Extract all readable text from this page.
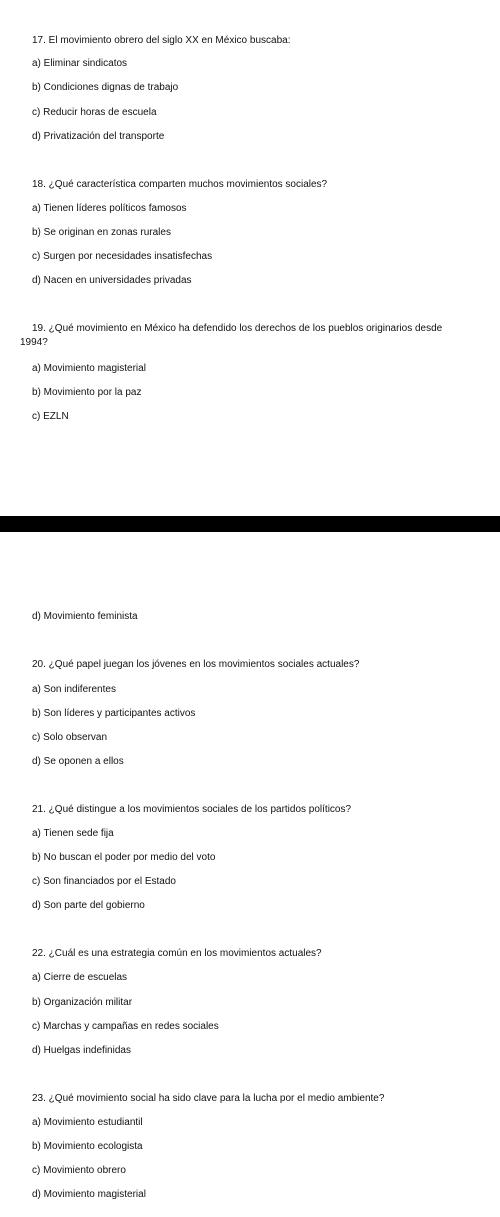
17. El movimiento obrero del siglo XX en México buscaba:
a) Eliminar sindicatos
b) Condiciones dignas de trabajo
c) Reducir horas de escuela
d) Privatización del transporte
18. ¿Qué característica comparten muchos movimientos sociales?
a) Tienen líderes políticos famosos
b) Se originan en zonas rurales
c) Surgen por necesidades insatisfechas
d) Nacen en universidades privadas
19. ¿Qué movimiento en México ha defendido los derechos de los pueblos originarios desde
1994?
a) Movimiento magisterial
b) Movimiento por la paz
c) EZLN
d) Movimiento feminista
20. ¿Qué papel juegan los jóvenes en los movimientos sociales actuales?
a) Son indiferentes
b) Son líderes y participantes activos
c) Solo observan
d) Se oponen a ellos
21. ¿Qué distingue a los movimientos sociales de los partidos políticos?
a) Tienen sede fija
b) No buscan el poder por medio del voto
c) Son financiados por el Estado
d) Son parte del gobierno
22. ¿Cuál es una estrategia común en los movimientos actuales?
a) Cierre de escuelas
b) Organización militar
c) Marchas y campañas en redes sociales
d) Huelgas indefinidas
23. ¿Qué movimiento social ha sido clave para la lucha por el medio ambiente?
a) Movimiento estudiantil
b) Movimiento ecologista
c) Movimiento obrero
d) Movimiento magisterial
